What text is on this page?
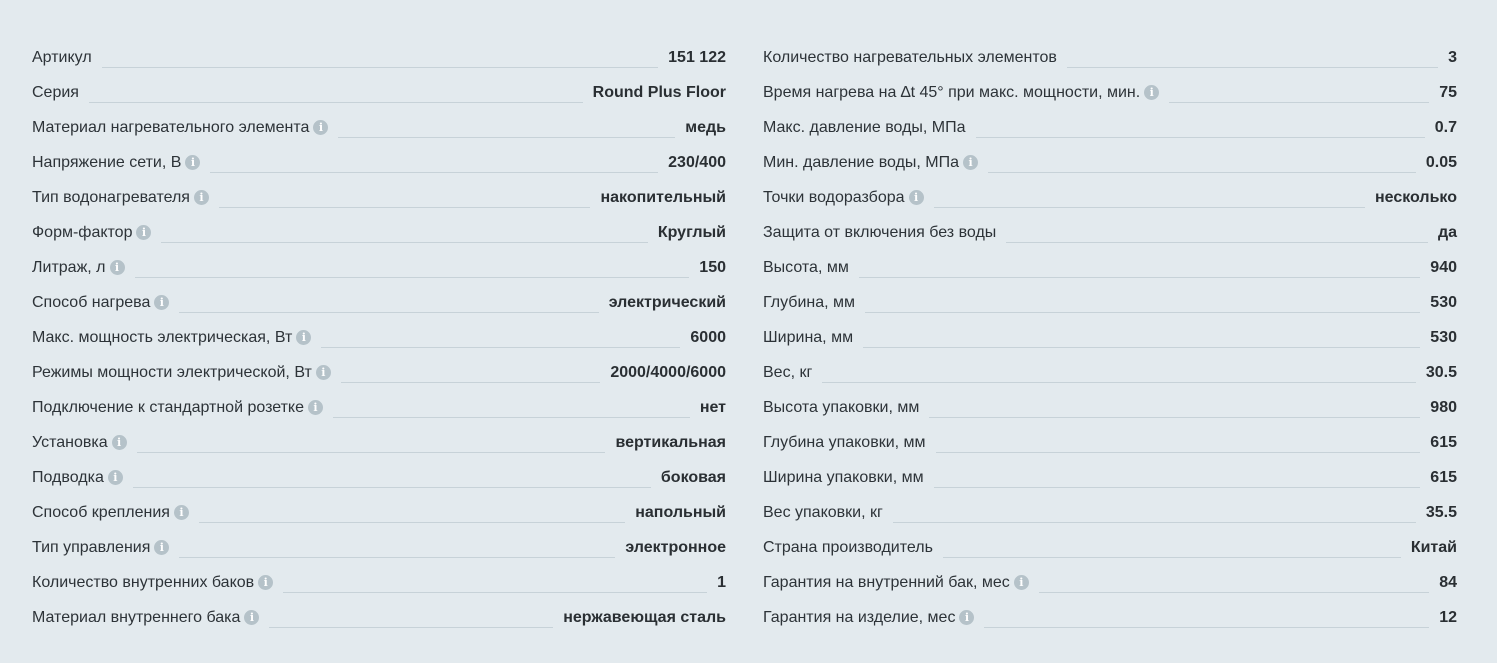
Артикул	151 122
Серия	Round Plus Floor
Материал нагревательного элемента i	медь
Напряжение сети, В i	230/400
Тип водонагревателя i	накопительный
Форм-фактор i	Круглый
Литраж, л i	150
Способ нагрева i	электрический
Макс. мощность электрическая, Вт i	6000
Режимы мощности электрической, Вт i	2000/4000/6000
Подключение к стандартной розетке i	нет
Установка i	вертикальная
Подводка i	боковая
Способ крепления i	напольный
Тип управления i	электронное
Количество внутренних баков i	1
Материал внутреннего бака i	нержавеющая сталь
Количество нагревательных элементов	3
Время нагрева на ∆t 45° при макс. мощности, мин. i	75
Макс. давление воды, МПа	0.7
Мин. давление воды, МПа i	0.05
Точки водоразбора i	несколько
Защита от включения без воды	да
Высота, мм	940
Глубина, мм	530
Ширина, мм	530
Вес, кг	30.5
Высота упаковки, мм	980
Глубина упаковки, мм	615
Ширина упаковки, мм	615
Вес упаковки, кг	35.5
Страна производитель	Китай
Гарантия на внутренний бак, мес i	84
Гарантия на изделие, мес i	12
